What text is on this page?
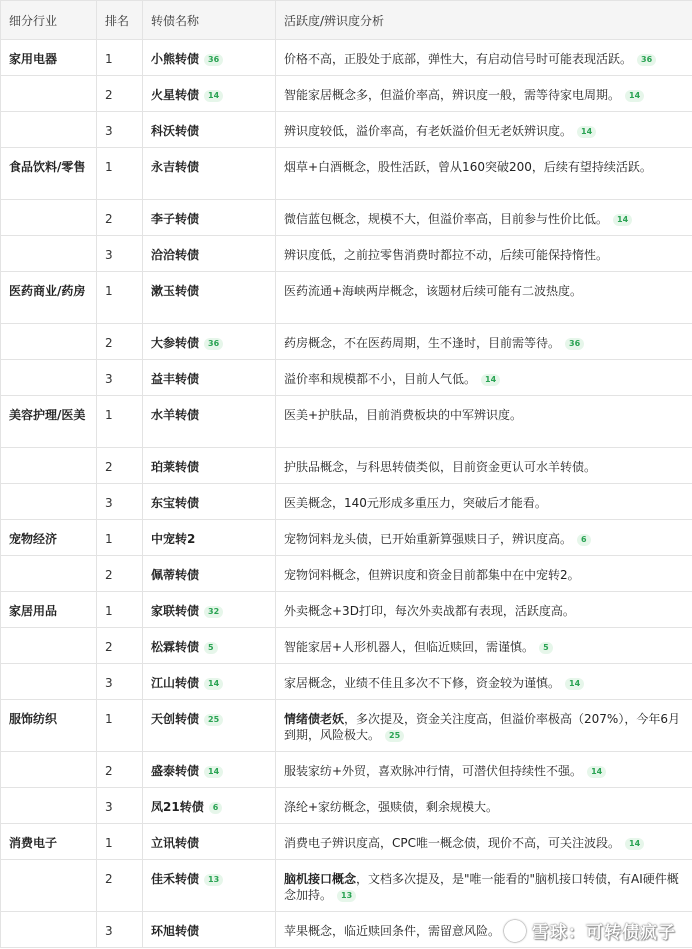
细分行业	排名	转债名称	活跃度/辨识度分析
家用电器	1	小熊转债 36	价格不高，正股处于底部，弹性大，有启动信号时可能表现活跃。 36
	2	火星转债 14	智能家居概念多，但溢价率高，辨识度一般，需等待家电周期。 14
	3	科沃转债	辨识度较低，溢价率高，有老妖溢价但无老妖辨识度。 14
食品饮料/零售	1	永吉转债	烟草+白酒概念，股性活跃，曾从160突破200，后续有望持续活跃。
	2	李子转债	微信蓝包概念，规模不大，但溢价率高，目前参与性价比低。 14
	3	洽洽转债	辨识度低，之前拉零售消费时都拉不动，后续可能保持惰性。
医药商业/药房	1	漱玉转债	医药流通+海峡两岸概念，该题材后续可能有二波热度。
	2	大参转债 36	药房概念，不在医药周期，生不逢时，目前需等待。 36
	3	益丰转债	溢价率和规模都不小，目前人气低。 14
美容护理/医美	1	水羊转债	医美+护肤品，目前消费板块的中军辨识度。
	2	珀莱转债	护肤品概念，与科思转债类似，目前资金更认可水羊转债。
	3	东宝转债	医美概念，140元形成多重压力，突破后才能看。
宠物经济	1	中宠转2	宠物饲料龙头债，已开始重新算强赎日子，辨识度高。 6
	2	佩蒂转债	宠物饲料概念，但辨识度和资金目前都集中在中宠转2。
家居用品	1	家联转债 32	外卖概念+3D打印，每次外卖战都有表现，活跃度高。
	2	松霖转债 5	智能家居+人形机器人，但临近赎回，需谨慎。 5
	3	江山转债 14	家居概念，业绩不佳且多次不下修，资金较为谨慎。 14
服饰纺织	1	天创转债 25	情绪债老妖，多次提及，资金关注度高，但溢价率极高（207%），今年6月到期，风险极大。 25
	2	盛泰转债 14	服装家纺+外贸，喜欢脉冲行情，可潜伏但持续性不强。 14
	3	凤21转债 6	涤纶+家纺概念，强赎债，剩余规模大。
消费电子	1	立讯转债	消费电子辨识度高，CPC唯一概念债，现价不高，可关注波段。 14
	2	佳禾转债 13	脑机接口概念，文档多次提及，是"唯一能看的"脑机接口转债，有AI硬件概念加持。 13
	3	环旭转债	苹果概念，临近赎回条件，需留意风险。 雪球：可转债疯子
